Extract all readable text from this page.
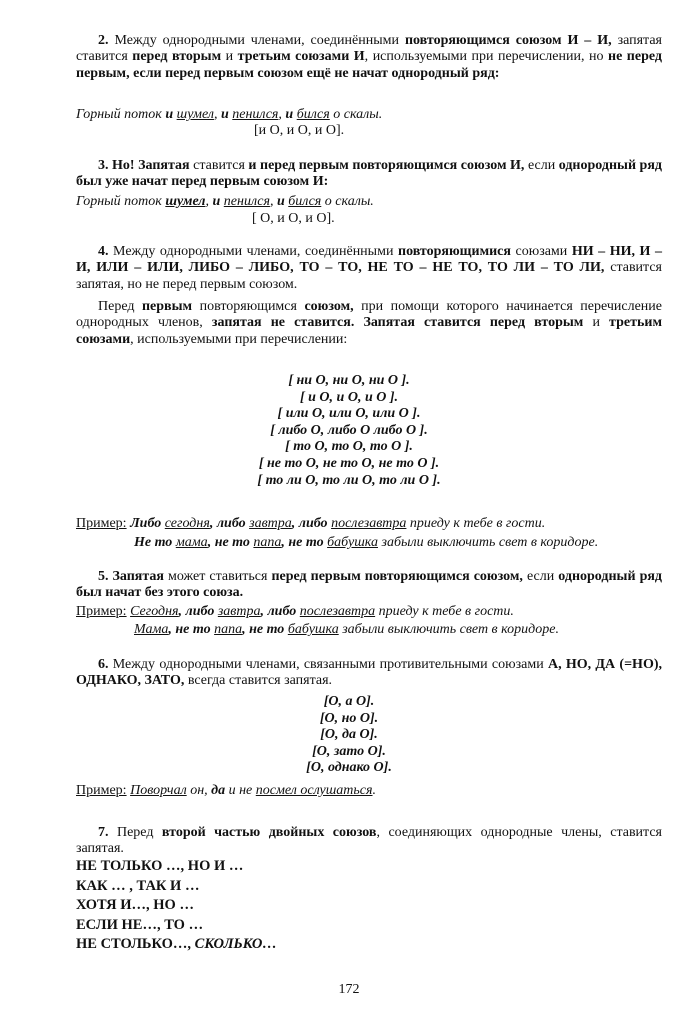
2. Между однородными членами, соединёнными повторяющимся союзом И – И, запятая ставится перед вторым и третьим союзами И, используемыми при перечислении, но не перед первым, если перед первым союзом ещё не начат однородный ряд:

Горный поток и шумел, и пенился, и бился о скалы.
[и О, и О, и О].

3. Но! Запятая ставится и перед первым повторяющимся союзом И, если однородный ряд был уже начат перед первым союзом И:

Горный поток шумел, и пенился, и бился о скалы.
[ О, и О, и О].

4. Между однородными членами, соединёнными повторяющимися союзами НИ – НИ, И – И, ИЛИ – ИЛИ, ЛИБО – ЛИБО, ТО – ТО, НЕ ТО – НЕ ТО, ТО ЛИ – ТО ЛИ, ставится запятая, но не перед первым союзом.

Перед первым повторяющимся союзом, при помощи которого начинается перечисление однородных членов, запятая не ставится. Запятая ставится перед вторым и третьим союзами, используемыми при перечислении:

[ ни О, ни О, ни О ].
[ и О, и О, и О ].
[ или О, или О, или О ].
[ либо О, либо О либо О ].
[ то О, то О, то О ].
[ не то О, не то О, не то О ].
[ то ли О, то ли О, то ли О ].
Пример: Либо сегодня, либо завтра, либо послезавтра приеду к тебе в гости.
Не то мама, не то папа, не то бабушка забыли выключить свет в коридоре.

5. Запятая может ставиться перед первым повторяющимся союзом, если однородный ряд был начат без этого союза.

Пример: Сегодня, либо завтра, либо послезавтра приеду к тебе в гости.
Мама, не то папа, не то бабушка забыли выключить свет в коридоре.

6. Между однородными членами, связанными противительными союзами А, НО, ДА (=НО), ОДНАКО, ЗАТО, всегда ставится запятая.

[О, а О].
[О, но О].
[О, да О].
[О, зато О].
[О, однако О].
Пример: Поворчал он, да и не посмел ослушаться.

7. Перед второй частью двойных союзов, соединяющих однородные члены, ставится запятая.

НЕ ТОЛЬКО …, НО И …
КАК … , ТАК И …
ХОТЯ И…, НО …
ЕСЛИ НЕ…, ТО …
НЕ СТОЛЬКО…, СКОЛЬКО…
172
